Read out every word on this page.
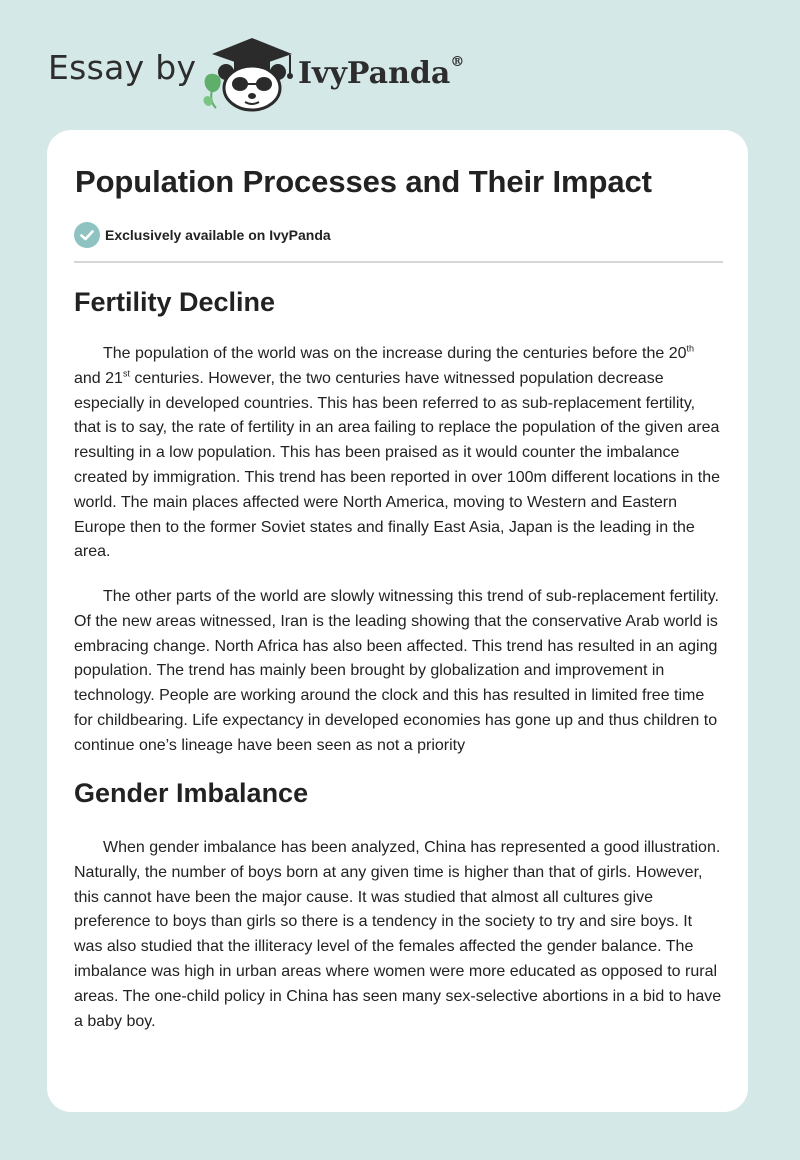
Essay by	IvyPanda®
Population Processes and Their Impact
Exclusively available on IvyPanda
Fertility Decline

The population of the world was on the increase during the centuries before the 20th and 21st centuries. However, the two centuries have witnessed population decrease especially in developed countries. This has been referred to as sub-replacement fertility, that is to say, the rate of fertility in an area failing to replace the population of the given area resulting in a low population. This has been praised as it would counter the imbalance created by immigration. This trend has been reported in over 100m different locations in the world. The main places affected were North America, moving to Western and Eastern Europe then to the former Soviet states and finally East Asia, Japan is the leading in the area.

The other parts of the world are slowly witnessing this trend of sub-replacement fertility. Of the new areas witnessed, Iran is the leading showing that the conservative Arab world is embracing change. North Africa has also been affected. This trend has resulted in an aging population. The trend has mainly been brought by globalization and improvement in technology. People are working around the clock and this has resulted in limited free time for childbearing. Life expectancy in developed economies has gone up and thus children to continue one’s lineage have been seen as not a priority

Gender Imbalance

When gender imbalance has been analyzed, China has represented a good illustration. Naturally, the number of boys born at any given time is higher than that of girls. However, this cannot have been the major cause. It was studied that almost all cultures give preference to boys than girls so there is a tendency in the society to try and sire boys. It was also studied that the illiteracy level of the females affected the gender balance. The imbalance was high in urban areas where women were more educated as opposed to rural areas. The one-child policy in China has seen many sex-selective abortions in a bid to have a baby boy.
